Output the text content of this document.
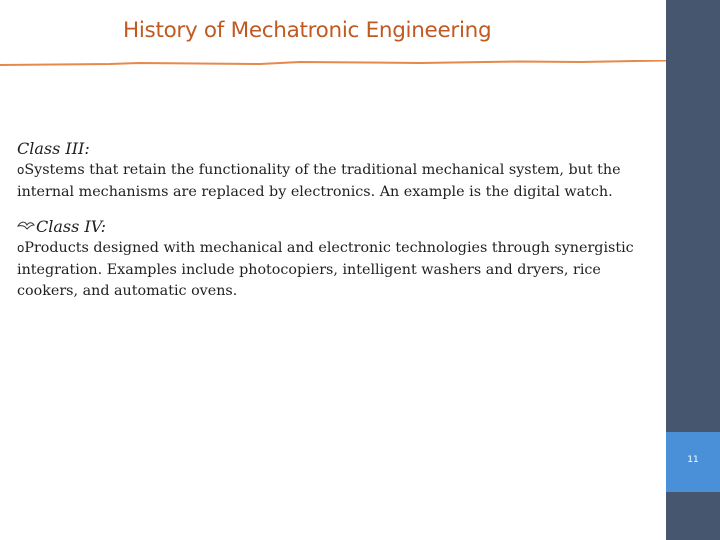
History of Mechatronic Engineering

Class III:

oSystems that retain the functionality of the traditional mechanical system, but the internal mechanisms are replaced by electronics. An example is the digital watch.

Class IV:

oProducts designed with mechanical and electronic technologies through synergistic integration. Examples include photocopiers, intelligent washers and dryers, rice cookers, and automatic ovens.

11
